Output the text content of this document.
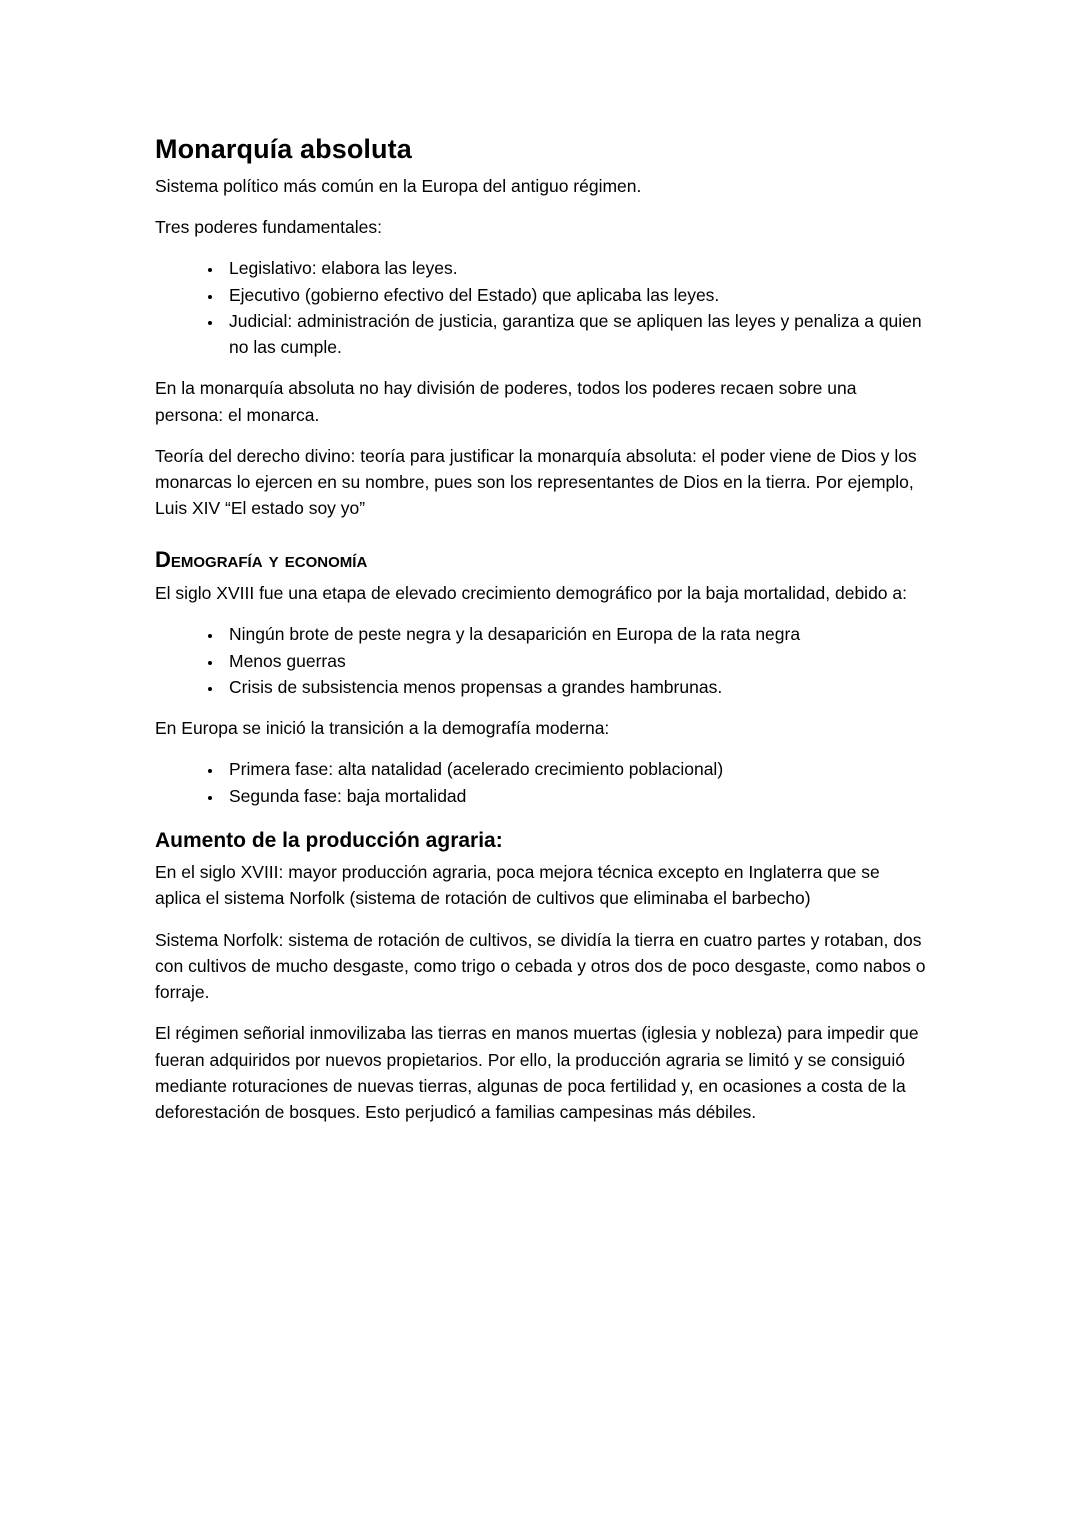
Monarquía absoluta

Sistema político más común en la Europa del antiguo régimen.

Tres poderes fundamentales:

• Legislativo: elabora las leyes.
• Ejecutivo (gobierno efectivo del Estado) que aplicaba las leyes.
• Judicial: administración de justicia, garantiza que se apliquen las leyes y penaliza a quien no las cumple.

En la monarquía absoluta no hay división de poderes, todos los poderes recaen sobre una persona: el monarca.

Teoría del derecho divino: teoría para justificar la monarquía absoluta: el poder viene de Dios y los monarcas lo ejercen en su nombre, pues son los representantes de Dios en la tierra. Por ejemplo, Luis XIV “El estado soy yo”

Demografía y economía

El siglo XVIII fue una etapa de elevado crecimiento demográfico por la baja mortalidad, debido a:

• Ningún brote de peste negra y la desaparición en Europa de la rata negra
• Menos guerras
• Crisis de subsistencia menos propensas a grandes hambrunas.

En Europa se inició la transición a la demografía moderna:

• Primera fase: alta natalidad (acelerado crecimiento poblacional)
• Segunda fase: baja mortalidad
Aumento de la producción agraria:

En el siglo XVIII: mayor producción agraria, poca mejora técnica excepto en Inglaterra que se aplica el sistema Norfolk (sistema de rotación de cultivos que eliminaba el barbecho)

Sistema Norfolk: sistema de rotación de cultivos, se dividía la tierra en cuatro partes y rotaban, dos con cultivos de mucho desgaste, como trigo o cebada y otros dos de poco desgaste, como nabos o forraje.

El régimen señorial inmovilizaba las tierras en manos muertas (iglesia y nobleza) para impedir que fueran adquiridos por nuevos propietarios. Por ello, la producción agraria se limitó y se consiguió mediante roturaciones de nuevas tierras, algunas de poca fertilidad y, en ocasiones a costa de la deforestación de bosques. Esto perjudicó a familias campesinas más débiles.
